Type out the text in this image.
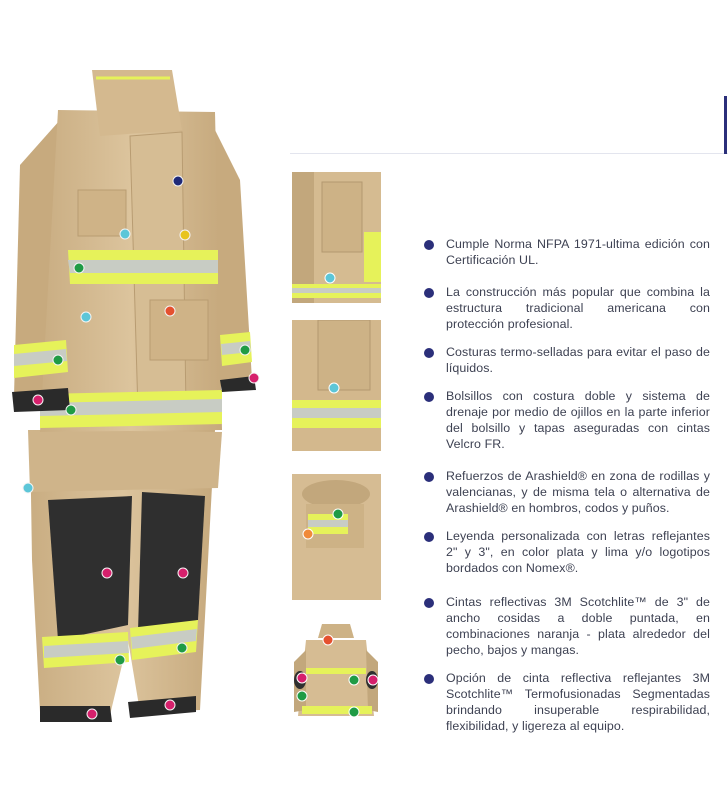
Cumple Norma NFPA 1971-ultima edición con Certificación UL.
La construcción más popular que combina la estructura tradicional americana con protección profesional.
Costuras termo-selladas para evitar el paso de líquidos.
Bolsillos con costura doble y sistema de drenaje por medio de ojillos en la parte inferior del bolsillo y tapas aseguradas con cintas Velcro FR.
Refuerzos de Arashield® en zona de rodillas y valencianas, y de misma tela o alternativa de Arashield® en hombros, codos y puños.
Leyenda personalizada con letras reflejantes 2" y 3", en color plata y lima y/o logotipos bordados con Nomex®.
Cintas reflectivas 3M Scotchlite™ de 3" de ancho cosidas a doble puntada, en combinaciones naranja - plata alrededor del pecho, bajos y mangas.
Opción de cinta reflectiva reflejantes 3M Scotchlite™ Termofusionadas Segmentadas brindando insuperable respirabilidad, flexibilidad, y ligereza al equipo.
